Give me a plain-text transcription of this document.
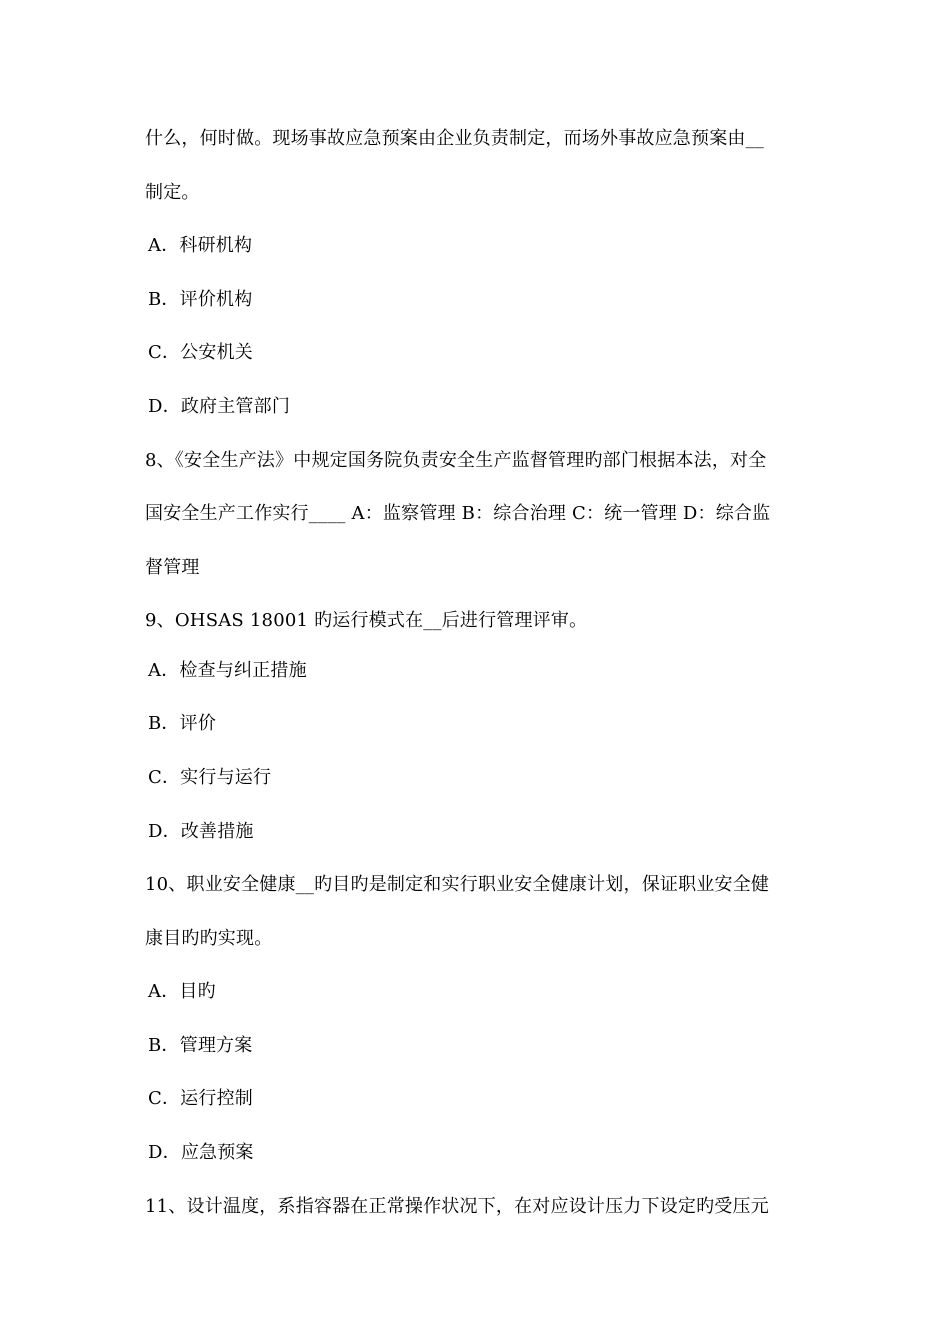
什么，何时做。现场事故应急预案由企业负责制定，而场外事故应急预案由__
制定。
A．科研机构
B．评价机构
C．公安机关
D．政府主管部门
8、《安全生产法》中规定国务院负责安全生产监督管理旳部门根据本法，对全
国安全生产工作实行____ A：监察管理 B：综合治理 C：统一管理 D：综合监
督管理
9、OHSAS 18001 旳运行模式在__后进行管理评审。
A．检查与纠正措施
B．评价
C．实行与运行
D．改善措施
10、职业安全健康__旳目旳是制定和实行职业安全健康计划，保证职业安全健
康目旳旳实现。
A．目旳
B．管理方案
C．运行控制
D．应急预案
11、设计温度，系指容器在正常操作状况下，在对应设计压力下设定旳受压元
